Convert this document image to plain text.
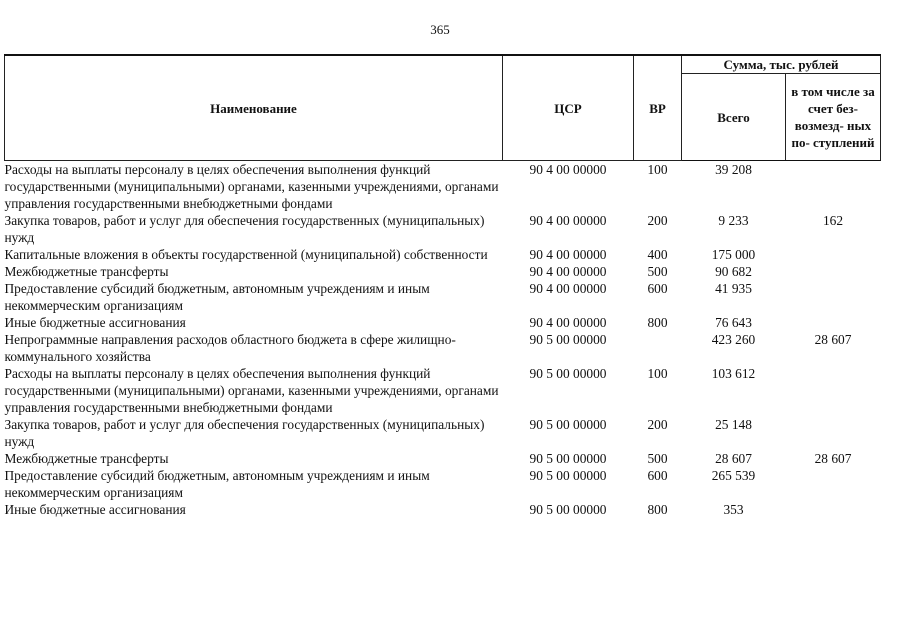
365
Наименование	ЦСР	ВР	Сумма, тыс. рублей	
			Всего	в том числе за счет без- возмезд- ных по- ступлений
Расходы на выплаты персоналу в целях обеспечения выполнения функций государственными (муниципальными) органами, казенными учреждениями, органами управления государственными внебюджетными фондами	90 4 00 00000	100	39 208	
Закупка товаров, работ и услуг для обеспечения государственных (муниципальных) нужд	90 4 00 00000	200	9 233	162
Капитальные вложения в объекты государственной (муниципальной) собственности	90 4 00 00000	400	175 000	
Межбюджетные трансферты	90 4 00 00000	500	90 682	
Предоставление субсидий бюджетным, автономным учреждениям и иным некоммерческим организациям	90 4 00 00000	600	41 935	
Иные бюджетные ассигнования	90 4 00 00000	800	76 643	
Непрограммные направления расходов областного бюджета в сфере жилищно-коммунального хозяйства	90 5 00 00000		423 260	28 607
Расходы на выплаты персоналу в целях обеспечения выполнения функций государственными (муниципальными) органами, казенными учреждениями, органами управления государственными внебюджетными фондами	90 5 00 00000	100	103 612	
Закупка товаров, работ и услуг для обеспечения государственных (муниципальных) нужд	90 5 00 00000	200	25 148	
Межбюджетные трансферты	90 5 00 00000	500	28 607	28 607
Предоставление субсидий бюджетным, автономным учреждениям и иным некоммерческим организациям	90 5 00 00000	600	265 539	
Иные бюджетные ассигнования	90 5 00 00000	800	353	
